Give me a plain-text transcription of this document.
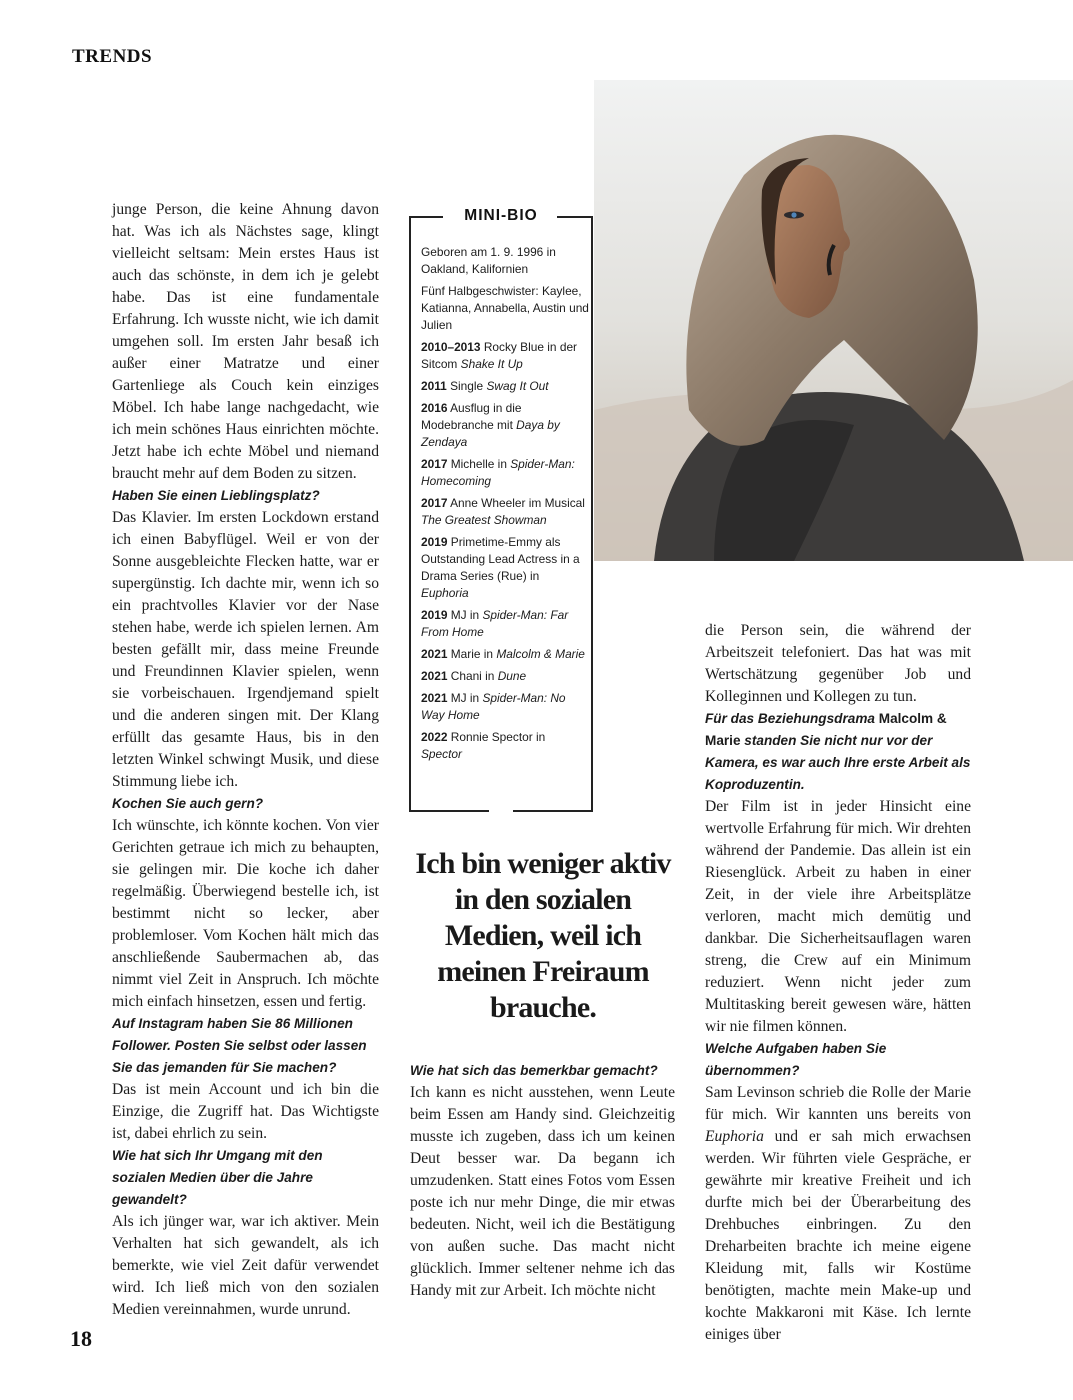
TRENDS

junge Person, die keine Ahnung davon hat. Was ich als Nächstes sage, klingt vielleicht seltsam: Mein erstes Haus ist auch das schönste, in dem ich je gelebt habe. Das ist eine fundamentale Erfahrung. Ich wusste nicht, wie ich damit umgehen soll. Im ersten Jahr besaß ich außer einer Matratze und einer Gartenliege als Couch kein einziges Möbel. Ich habe lange nachgedacht, wie ich mein schönes Haus einrichten möchte. Jetzt habe ich echte Möbel und niemand braucht mehr auf dem Boden zu sitzen.

Haben Sie einen Lieblingsplatz?

Das Klavier. Im ersten Lockdown erstand ich einen Babyflügel. Weil er von der Sonne ausgebleichte Flecken hatte, war er supergünstig. Ich dachte mir, wenn ich so ein prachtvolles Klavier vor der Nase stehen habe, werde ich spielen lernen. Am besten gefällt mir, dass meine Freunde und Freundinnen Klavier spielen, wenn sie vorbeischauen. Irgendjemand spielt und die anderen singen mit. Der Klang erfüllt das gesamte Haus, bis in den letzten Winkel schwingt Musik, und diese Stimmung liebe ich.

Kochen Sie auch gern?

Ich wünschte, ich könnte kochen. Von vier Gerichten getraue ich mich zu behaupten, sie gelingen mir. Die koche ich daher regelmäßig. Überwiegend bestelle ich, ist bestimmt nicht so lecker, aber problemloser. Vom Kochen hält mich das anschließende Saubermachen ab, das nimmt viel Zeit in Anspruch. Ich möchte mich einfach hinsetzen, essen und fertig.

Auf Instagram haben Sie 86 Millionen Follower. Posten Sie selbst oder lassen Sie das jemanden für Sie machen?

Das ist mein Account und ich bin die Einzige, die Zugriff hat. Das Wichtigste ist, dabei ehrlich zu sein.

Wie hat sich Ihr Umgang mit den sozialen Medien über die Jahre gewandelt?

Als ich jünger war, war ich aktiver. Mein Verhalten hat sich gewandelt, als ich bemerkte, wie viel Zeit dafür verwendet wird. Ich ließ mich von den sozialen Medien vereinnahmen, wurde unrund.

MINI-BIO

Geboren am 1. 9. 1996 in Oakland, Kalifornien

Fünf Halbgeschwister: Kaylee, Katianna, Annabella, Austin und Julien

2010–2013 Rocky Blue in der Sitcom Shake It Up

2011 Single Swag It Out

2016 Ausflug in die Modebranche mit Daya by Zendaya

2017 Michelle in Spider-Man: Homecoming

2017 Anne Wheeler im Musical The Greatest Showman

2019 Primetime-Emmy als Outstanding Lead Actress in a Drama Series (Rue) in Euphoria

2019 MJ in Spider-Man: Far From Home

2021 Marie in Malcolm & Marie

2021 Chani in Dune

2021 MJ in Spider-Man: No Way Home

2022 Ronnie Spector in Spector

Ich bin weniger aktiv in den sozialen Medien, weil ich meinen Freiraum brauche.

Wie hat sich das bemerkbar gemacht?

Ich kann es nicht ausstehen, wenn Leute beim Essen am Handy sind. Gleichzeitig musste ich zugeben, dass ich um keinen Deut besser war. Da begann ich umzudenken. Statt eines Fotos vom Essen poste ich nur mehr Dinge, die mir etwas bedeuten. Nicht, weil ich die Bestätigung von außen suche. Das macht nicht glücklich. Immer seltener nehme ich das Handy mit zur Arbeit. Ich möchte nicht

die Person sein, die während der Arbeitszeit telefoniert. Das hat was mit Wertschätzung gegenüber Job und Kolleginnen und Kollegen zu tun.

Für das Beziehungsdrama Malcolm & Marie standen Sie nicht nur vor der Kamera, es war auch Ihre erste Arbeit als Koproduzentin.

Der Film ist in jeder Hinsicht eine wertvolle Erfahrung für mich. Wir drehten während der Pandemie. Das allein ist ein Riesenglück. Arbeit zu haben in einer Zeit, in der viele ihre Arbeitsplätze verloren, macht mich demütig und dankbar. Die Sicherheitsauflagen waren streng, die Crew auf ein Minimum reduziert. Wenn nicht jeder zum Multitasking bereit gewesen wäre, hätten wir nie filmen können.

Welche Aufgaben haben Sie übernommen?

Sam Levinson schrieb die Rolle der Marie für mich. Wir kannten uns bereits von Euphoria und er sah mich erwachsen werden. Wir führten viele Gespräche, er gewährte mir kreative Freiheit und ich durfte mich bei der Überarbeitung des Drehbuches einbringen. Zu den Dreharbeiten brachte ich meine eigene Kleidung mit, falls wir Kostüme benötigten, machte mein Make-up und kochte Makkaroni mit Käse. Ich lernte einiges über

18
